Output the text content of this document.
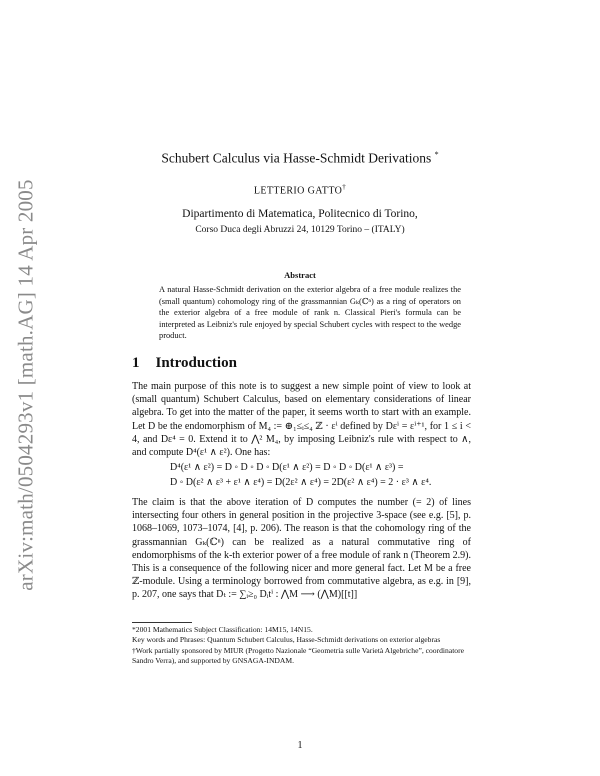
arXiv:math/0504293v1 [math.AG] 14 Apr 2005
Schubert Calculus via Hasse-Schmidt Derivations *
LETTERIO GATTO†
Dipartimento di Matematica, Politecnico di Torino,
Corso Duca degli Abruzzi 24, 10129 Torino – (ITALY)
Abstract
A natural Hasse-Schmidt derivation on the exterior algebra of a free module realizes the (small quantum) cohomology ring of the grassmannian Gₖ(ℂⁿ) as a ring of operators on the exterior algebra of a free module of rank n. Classical Pieri's formula can be interpreted as Leibniz's rule enjoyed by special Schubert cycles with respect to the wedge product.
1 Introduction
The main purpose of this note is to suggest a new simple point of view to look at (small quantum) Schubert Calculus, based on elementary considerations of linear algebra. To get into the matter of the paper, it seems worth to start with an example. Let D be the endomorphism of M₄ := ⊕₁≤ᵢ≤₄ ℤ · εⁱ defined by Dεⁱ = εⁱ⁺¹, for 1 ≤ i < 4, and Dε⁴ = 0. Extend it to ⋀² M₄, by imposing Leibniz's rule with respect to ∧, and compute D⁴(ε¹ ∧ ε²). One has:
D⁴(ε¹ ∧ ε²) = D ◦ D ◦ D ◦ D(ε¹ ∧ ε²) = D ◦ D ◦ D(ε¹ ∧ ε³) =
D ◦ D(ε² ∧ ε³ + ε¹ ∧ ε⁴) = D(2ε² ∧ ε⁴) = 2D(ε² ∧ ε⁴) = 2 · ε³ ∧ ε⁴.
The claim is that the above iteration of D computes the number (= 2) of lines intersecting four others in general position in the projective 3-space (see e.g. [5], p. 1068–1069, 1073–1074, [4], p. 206). The reason is that the cohomology ring of the grassmannian Gₖ(ℂⁿ) can be realized as a natural commutative ring of endomorphisms of the k-th exterior power of a free module of rank n (Theorem 2.9). This is a consequence of the following nicer and more general fact. Let M be a free ℤ-module. Using a terminology borrowed from commutative algebra, as e.g. in [9], p. 207, one says that Dₜ := ∑ᵢ≥₀ Dᵢtⁱ : ⋀M ⟶ (⋀M)[[t]]
*2001 Mathematics Subject Classification: 14M15, 14N15.
Key words and Phrases: Quantum Schubert Calculus, Hasse-Schmidt derivations on exterior algebras
†Work partially sponsored by MIUR (Progetto Nazionale “Geometria sulle Varietà Algebriche”, coordinatore Sandro Verra), and supported by GNSAGA-INDAM.
1
